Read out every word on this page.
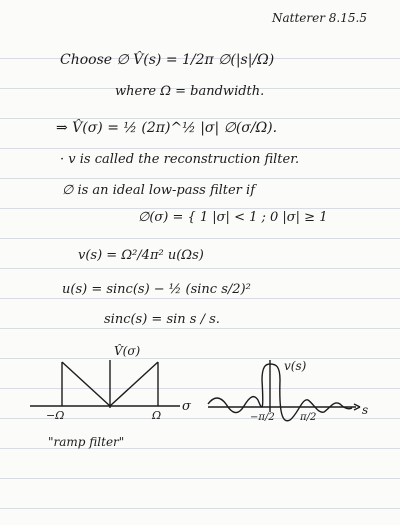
Natterer 8.15.5
Choose ∅ V̂(s) = 1/2π ∅(|s|/Ω)
where Ω = bandwidth.
⇒ V̂(σ) = ½ (2π)^½ |σ| ∅(σ/Ω).
· v is called the reconstruction filter.
∅ is an ideal low-pass filter if
∅(σ) = { 1 |σ| < 1 ; 0 |σ| ≥ 1
v(s) = Ω²/4π² u(Ωs)
u(s) = sinc(s) − ½ (sinc s/2)²
sinc(s) = sin s / s.
V̂(σ)
−Ω	Ω
σ
"ramp filter"
v(s)
−π/2	π/2
s
